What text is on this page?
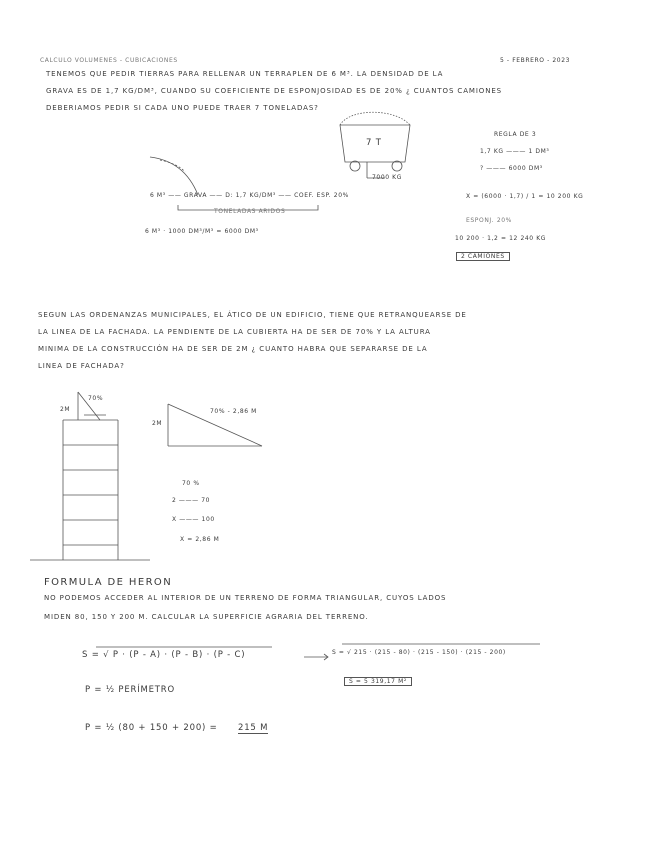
CALCULO VOLUMENES - CUBICACIONES	5 - FEBRERO - 2023
TENEMOS QUE PEDIR TIERRAS PARA RELLENAR UN TERRAPLEN DE 6 M³. LA DENSIDAD DE LA
GRAVA ES DE 1,7 KG/DM³, CUANDO SU COEFICIENTE DE ESPONJOSIDAD ES DE 20% ¿ CUANTOS CAMIONES
DEBERIAMOS PEDIR SI CADA UNO PUEDE TRAER 7 TONELADAS?
7 T
7000 KG
6 M³ —— GRAVA —— D: 1,7 KG/DM³ —— COEF. ESP. 20%
TONELADAS ARIDOS
6 M³ · 1000 DM³/M³ = 6000 DM³
REGLA DE 3
1,7 KG ——— 1 DM³
? ——— 6000 DM³
X = (6000 · 1,7) / 1 = 10 200 KG
ESPONJ. 20%
10 200 · 1,2 = 12 240 KG
2 CAMIONES
SEGUN LAS ORDENANZAS MUNICIPALES, EL ÁTICO DE UN EDIFICIO, TIENE QUE RETRANQUEARSE DE
LA LINEA DE LA FACHADA. LA PENDIENTE DE LA CUBIERTA HA DE SER DE 70% Y LA ALTURA
MINIMA DE LA CONSTRUCCIÓN HA DE SER DE 2M ¿ CUANTO HABRA QUE SEPARARSE DE LA
LINEA DE FACHADA?
70%
2M
2M
70% - 2,86 M
70 %
2 ——— 70
X ——— 100
X = 2,86 M
FORMULA DE HERON
NO PODEMOS ACCEDER AL INTERIOR DE UN TERRENO DE FORMA TRIANGULAR, CUYOS LADOS
MIDEN 80, 150 Y 200 M. CALCULAR LA SUPERFICIE AGRARIA DEL TERRENO.
S = √ P · (P - A) · (P - B) · (P - C)	S = √ 215 · (215 - 80) · (215 - 150) · (215 - 200)
S = 5 319,17 M²
P = ½ PERÍMETRO
P = ½ (80 + 150 + 200) = 215 M
